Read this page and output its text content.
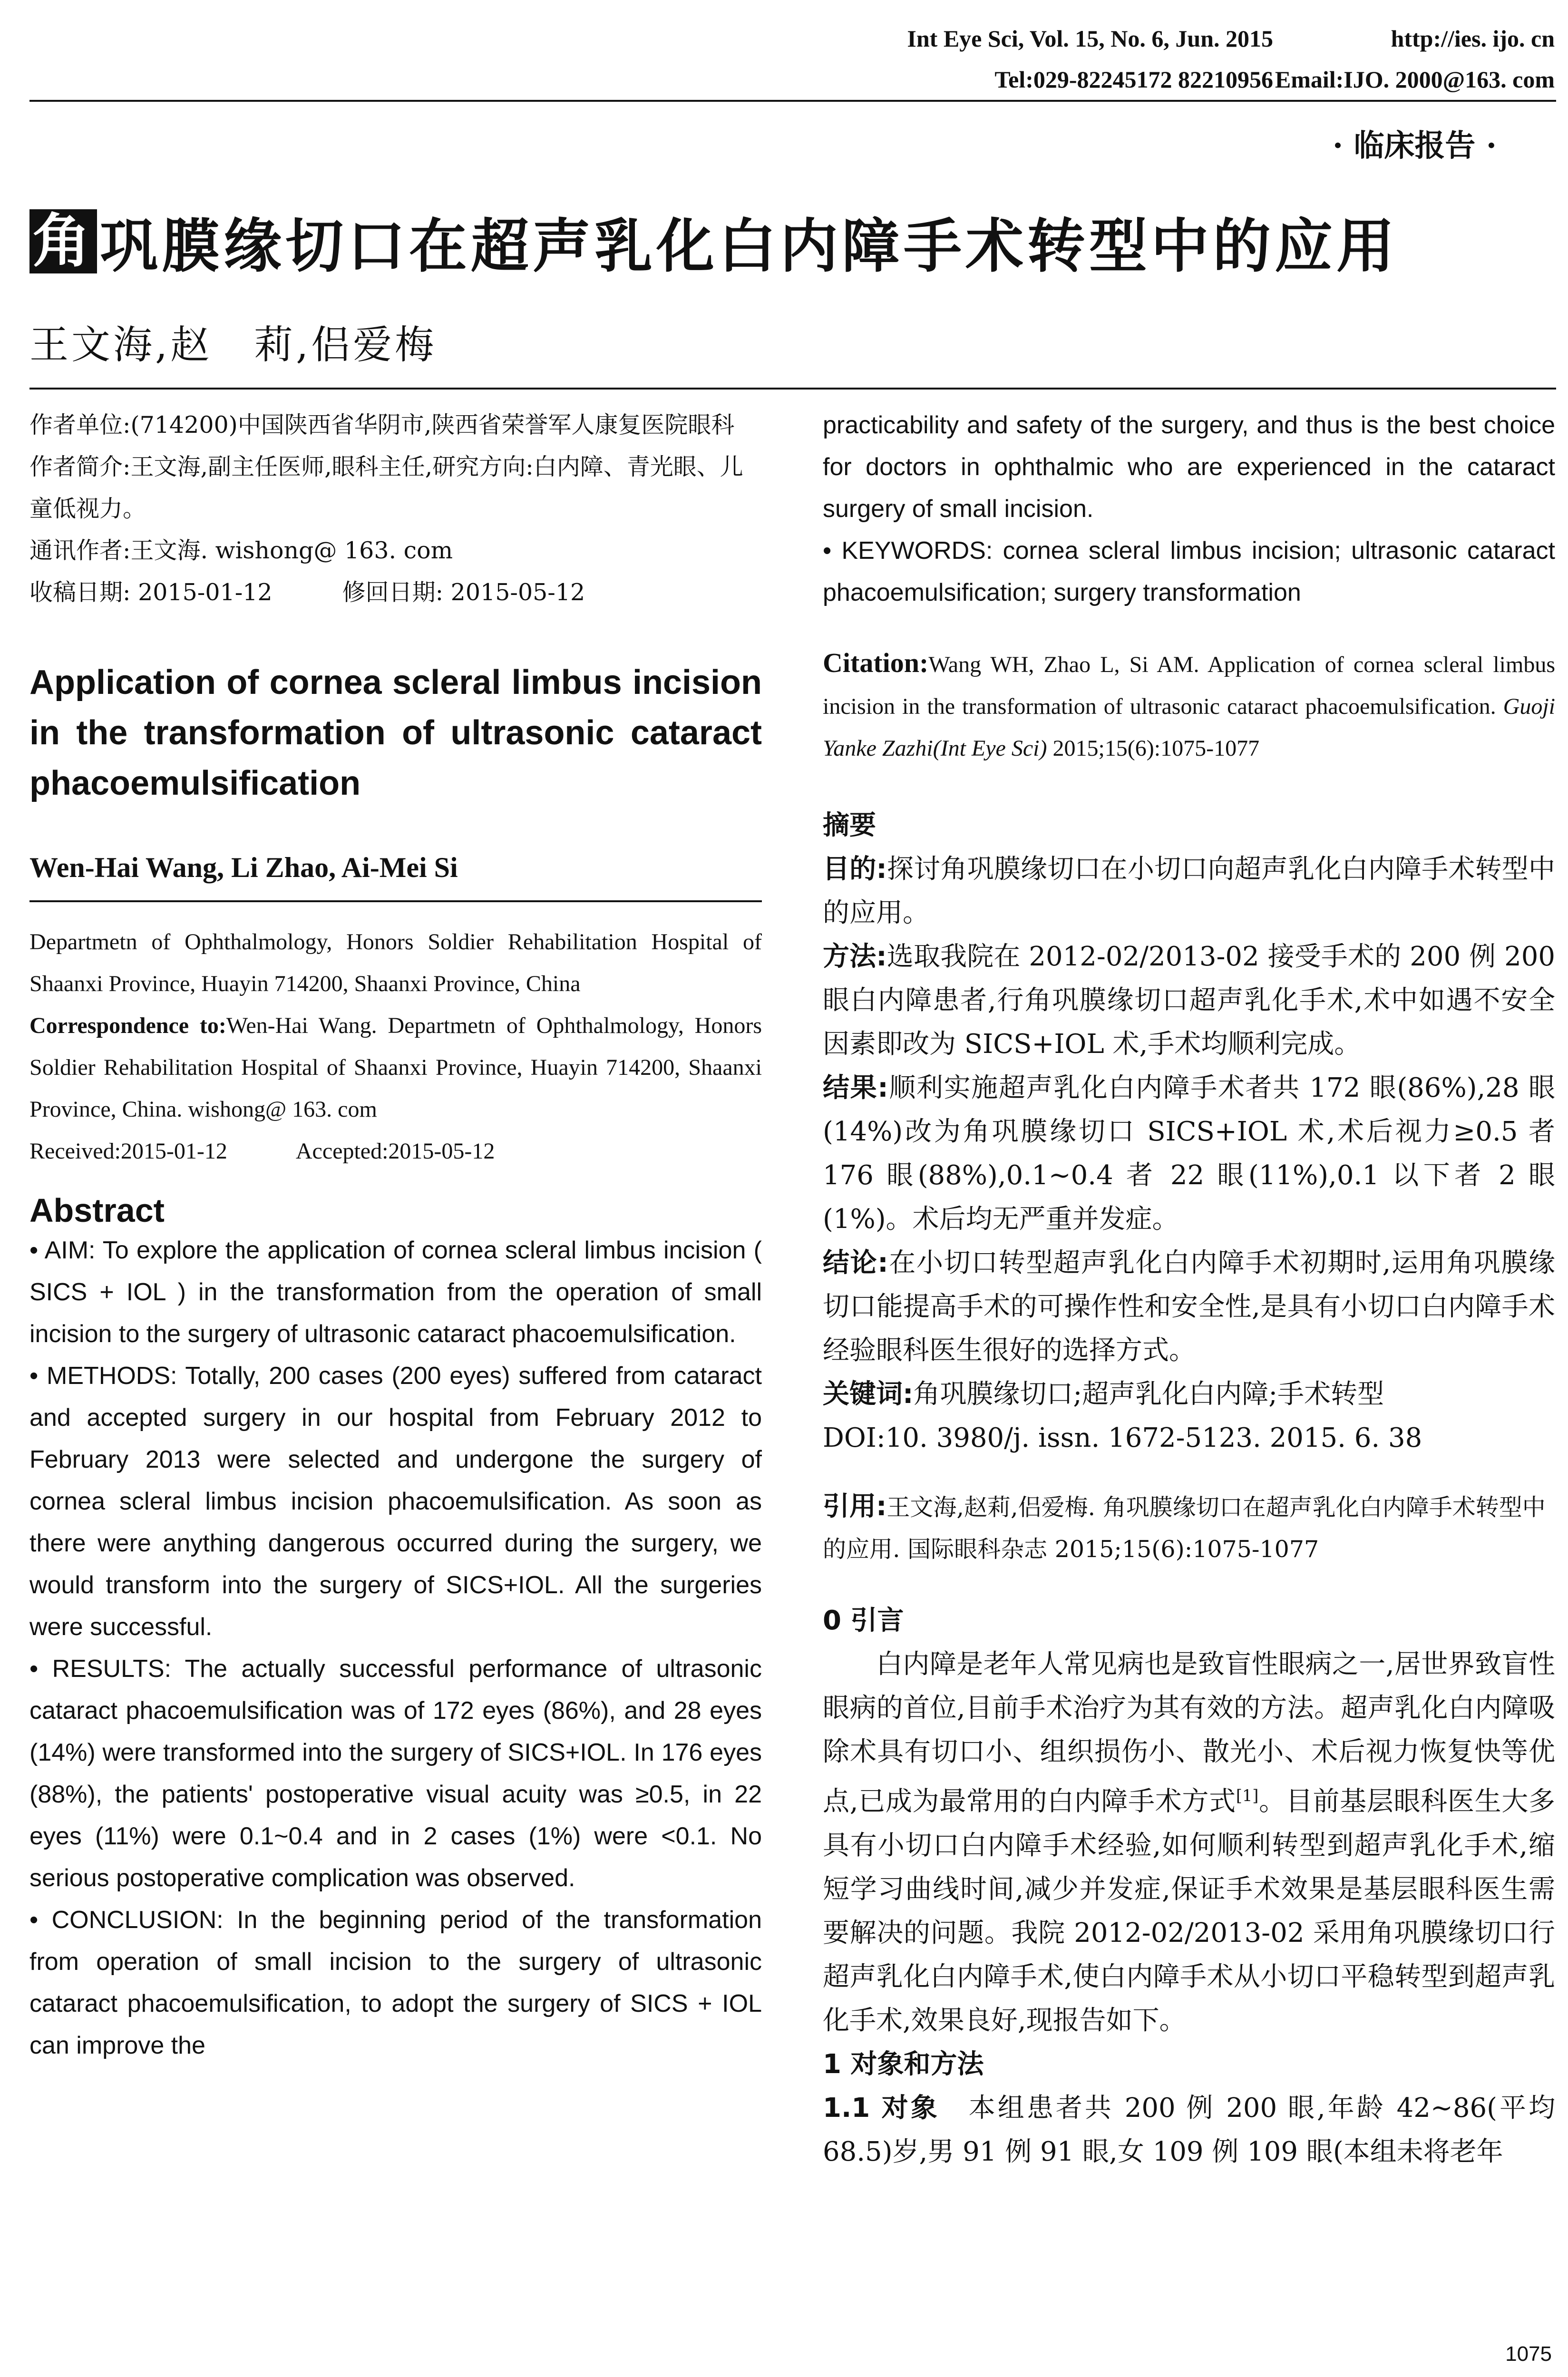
Int Eye Sci, Vol. 15, No. 6, Jun. 2015	http://ies. ijo. cn
Tel:029-82245172 82210956 Email:IJO. 2000@163. com
· 临床报告 ·
角 巩膜缘切口在超声乳化白内障手术转型中的应用
王文海,赵　莉,侣爱梅

作者单位:(714200)中国陕西省华阴市,陕西省荣誉军人康复医院眼科

作者简介:王文海,副主任医师,眼科主任,研究方向:白内障、青光眼、儿童低视力。

通讯作者:王文海. wishong@ 163. com

收稿日期: 2015-01-12　　　修回日期: 2015-05-12

Application of cornea scleral limbus incision in the transformation of ultrasonic cataract phacoemulsification

Wen-Hai Wang, Li Zhao, Ai-Mei Si

Departmetn of Ophthalmology, Honors Soldier Rehabilitation Hospital of Shaanxi Province, Huayin 714200, Shaanxi Province, China

Correspondence to:Wen-Hai Wang. Departmetn of Ophthalmology, Honors Soldier Rehabilitation Hospital of Shaanxi Province, Huayin 714200, Shaanxi Province, China. wishong@ 163. com

Received:2015-01-12　　　Accepted:2015-05-12

Abstract

• AIM: To explore the application of cornea scleral limbus incision ( SICS + IOL ) in the transformation from the operation of small incision to the surgery of ultrasonic cataract phacoemulsification.

• METHODS: Totally, 200 cases (200 eyes) suffered from cataract and accepted surgery in our hospital from February 2012 to February 2013 were selected and undergone the surgery of cornea scleral limbus incision phacoemulsification. As soon as there were anything dangerous occurred during the surgery, we would transform into the surgery of SICS+IOL. All the surgeries were successful.

• RESULTS: The actually successful performance of ultrasonic cataract phacoemulsification was of 172 eyes (86%), and 28 eyes (14%) were transformed into the surgery of SICS+IOL. In 176 eyes (88%), the patients' postoperative visual acuity was ≥0.5, in 22 eyes (11%) were 0.1~0.4 and in 2 cases (1%) were <0.1. No serious postoperative complication was observed.

• CONCLUSION: In the beginning period of the transformation from operation of small incision to the surgery of ultrasonic cataract phacoemulsification, to adopt the surgery of SICS + IOL can improve the

practicability and safety of the surgery, and thus is the best choice for doctors in ophthalmic who are experienced in the cataract surgery of small incision.

• KEYWORDS: cornea scleral limbus incision; ultrasonic cataract phacoemulsification; surgery transformation

Citation:Wang WH, Zhao L, Si AM. Application of cornea scleral limbus incision in the transformation of ultrasonic cataract phacoemulsification. Guoji Yanke Zazhi(Int Eye Sci) 2015;15(6):1075-1077

摘要

目的:探讨角巩膜缘切口在小切口向超声乳化白内障手术转型中的应用。

方法:选取我院在 2012-02/2013-02 接受手术的 200 例 200 眼白内障患者,行角巩膜缘切口超声乳化手术,术中如遇不安全因素即改为 SICS+IOL 术,手术均顺利完成。

结果:顺利实施超声乳化白内障手术者共 172 眼(86%),28 眼(14%)改为角巩膜缘切口 SICS+IOL 术,术后视力≥0.5 者 176 眼(88%),0.1~0.4 者 22 眼(11%),0.1 以下者 2 眼(1%)。术后均无严重并发症。

结论:在小切口转型超声乳化白内障手术初期时,运用角巩膜缘切口能提高手术的可操作性和安全性,是具有小切口白内障手术经验眼科医生很好的选择方式。

关键词:角巩膜缘切口;超声乳化白内障;手术转型

DOI:10. 3980/j. issn. 1672-5123. 2015. 6. 38

引用:王文海,赵莉,侣爱梅. 角巩膜缘切口在超声乳化白内障手术转型中的应用. 国际眼科杂志 2015;15(6):1075-1077

0 引言

白内障是老年人常见病也是致盲性眼病之一,居世界致盲性眼病的首位,目前手术治疗为其有效的方法。超声乳化白内障吸除术具有切口小、组织损伤小、散光小、术后视力恢复快等优点,已成为最常用的白内障手术方式[1]。目前基层眼科医生大多具有小切口白内障手术经验,如何顺利转型到超声乳化手术,缩短学习曲线时间,减少并发症,保证手术效果是基层眼科医生需要解决的问题。我院 2012-02/2013-02 采用角巩膜缘切口行超声乳化白内障手术,使白内障手术从小切口平稳转型到超声乳化手术,效果良好,现报告如下。

1 对象和方法

1.1 对象　本组患者共 200 例 200 眼,年龄 42~86(平均 68.5)岁,男 91 例 91 眼,女 109 例 109 眼(本组未将老年

1075
